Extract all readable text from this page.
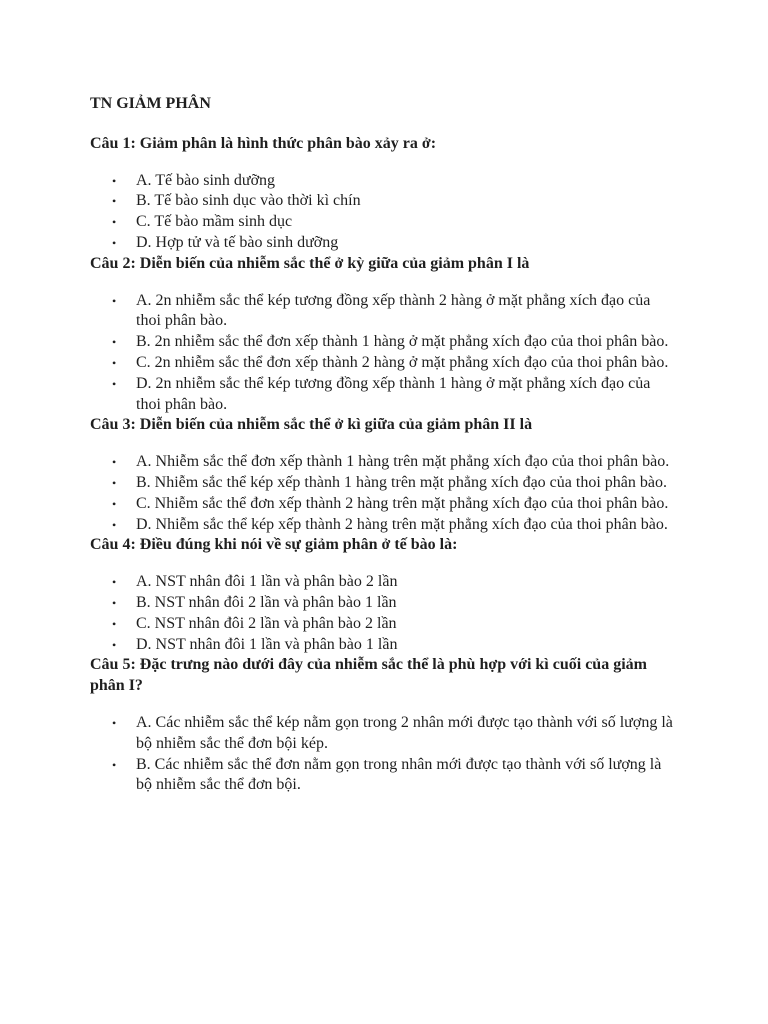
TN GIẢM PHÂN
Câu 1: Giảm phân là hình thức phân bào xảy ra ở:
• A. Tế bào sinh dưỡng
• B. Tế bào sinh dục vào thời kì chín
• C. Tế bào mầm sinh dục
• D. Hợp tử và tế bào sinh dưỡng
Câu 2: Diễn biến của nhiễm sắc thể ở kỳ giữa của giảm phân I là
• A. 2n nhiễm sắc thể kép tương đồng xếp thành 2 hàng ở mặt phẳng xích đạo của thoi phân bào.
• B. 2n nhiễm sắc thể đơn xếp thành 1 hàng ở mặt phẳng xích đạo của thoi phân bào.
• C. 2n nhiễm sắc thể đơn xếp thành 2 hàng ở mặt phẳng xích đạo của thoi phân bào.
• D. 2n nhiễm sắc thể kép tương đồng xếp thành 1 hàng ở mặt phẳng xích đạo của thoi phân bào.
Câu 3: Diễn biến của nhiễm sắc thể ở kì giữa của giảm phân II là
• A. Nhiễm sắc thể đơn xếp thành 1 hàng trên mặt phẳng xích đạo của thoi phân bào.
• B. Nhiễm sắc thể kép xếp thành 1 hàng trên mặt phẳng xích đạo của thoi phân bào.
• C. Nhiễm sắc thể đơn xếp thành 2 hàng trên mặt phẳng xích đạo của thoi phân bào.
• D. Nhiễm sắc thể kép xếp thành 2 hàng trên mặt phẳng xích đạo của thoi phân bào.
Câu 4: Điều đúng khi nói về sự giảm phân ở tế bào là:
• A. NST nhân đôi 1 lần và phân bào 2 lần
• B. NST nhân đôi 2 lần và phân bào 1 lần
• C. NST nhân đôi 2 lần và phân bào 2 lần
• D. NST nhân đôi 1 lần và phân bào 1 lần
Câu 5: Đặc trưng nào dưới đây của nhiễm sắc thể là phù hợp với kì cuối của giảm phân I?
• A. Các nhiễm sắc thể kép nằm gọn trong 2 nhân mới được tạo thành với số lượng là bộ nhiễm sắc thể đơn bội kép.
• B. Các nhiễm sắc thể đơn nằm gọn trong nhân mới được tạo thành với số lượng là bộ nhiễm sắc thể đơn bội.
